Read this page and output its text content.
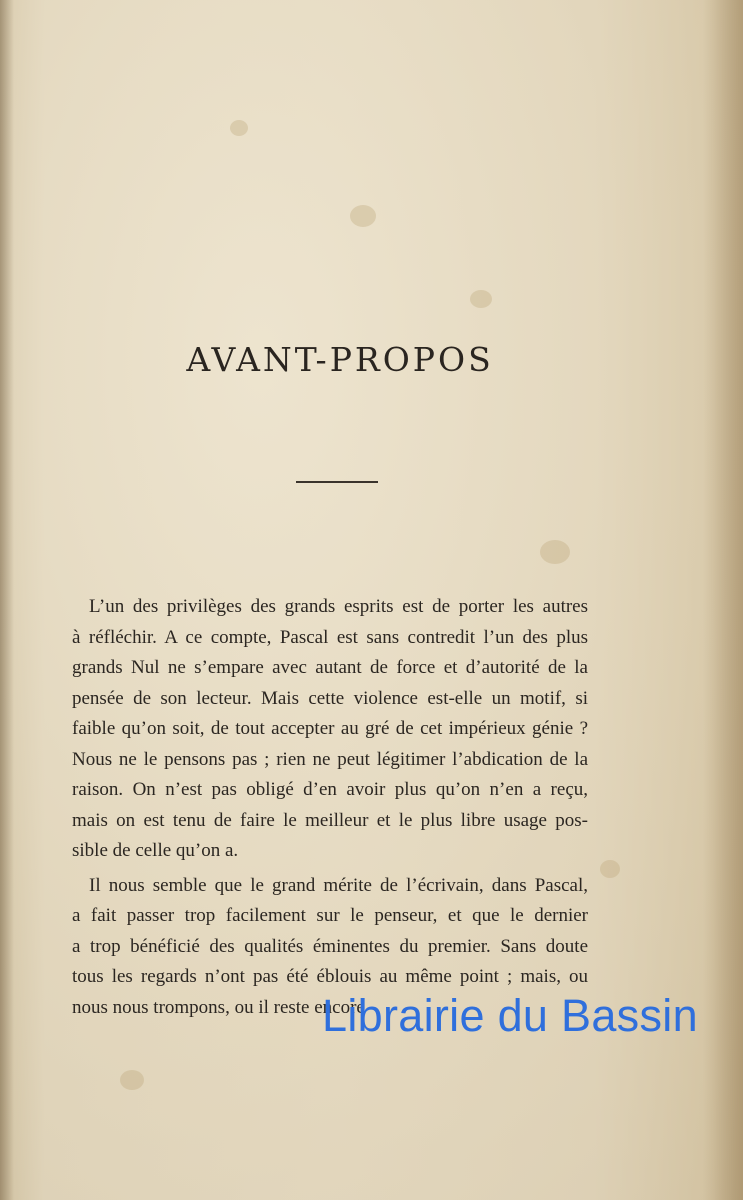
AVANT-PROPOS
L’un des privilèges des grands esprits est de porter les autres
à réfléchir. A ce compte, Pascal est sans contredit l’un des plus
grands Nul ne s’empare avec autant de force et d’autorité de la
pensée de son lecteur. Mais cette violence est-elle un motif, si
faible qu’on soit, de tout accepter au gré de cet impérieux génie ?
Nous ne le pensons pas ; rien ne peut légitimer l’abdication de la
raison. On n’est pas obligé d’en avoir plus qu’on n’en a reçu,
mais on est tenu de faire le meilleur et le plus libre usage pos-
sible de celle qu’on a.
Il nous semble que le grand mérite de l’écrivain, dans Pascal,
a fait passer trop facilement sur le penseur, et que le dernier
a trop bénéficié des qualités éminentes du premier. Sans doute
tous les regards n’ont pas été éblouis au même point ; mais, ou
nous nous trompons, ou il reste encore
Librairie du Bassin
